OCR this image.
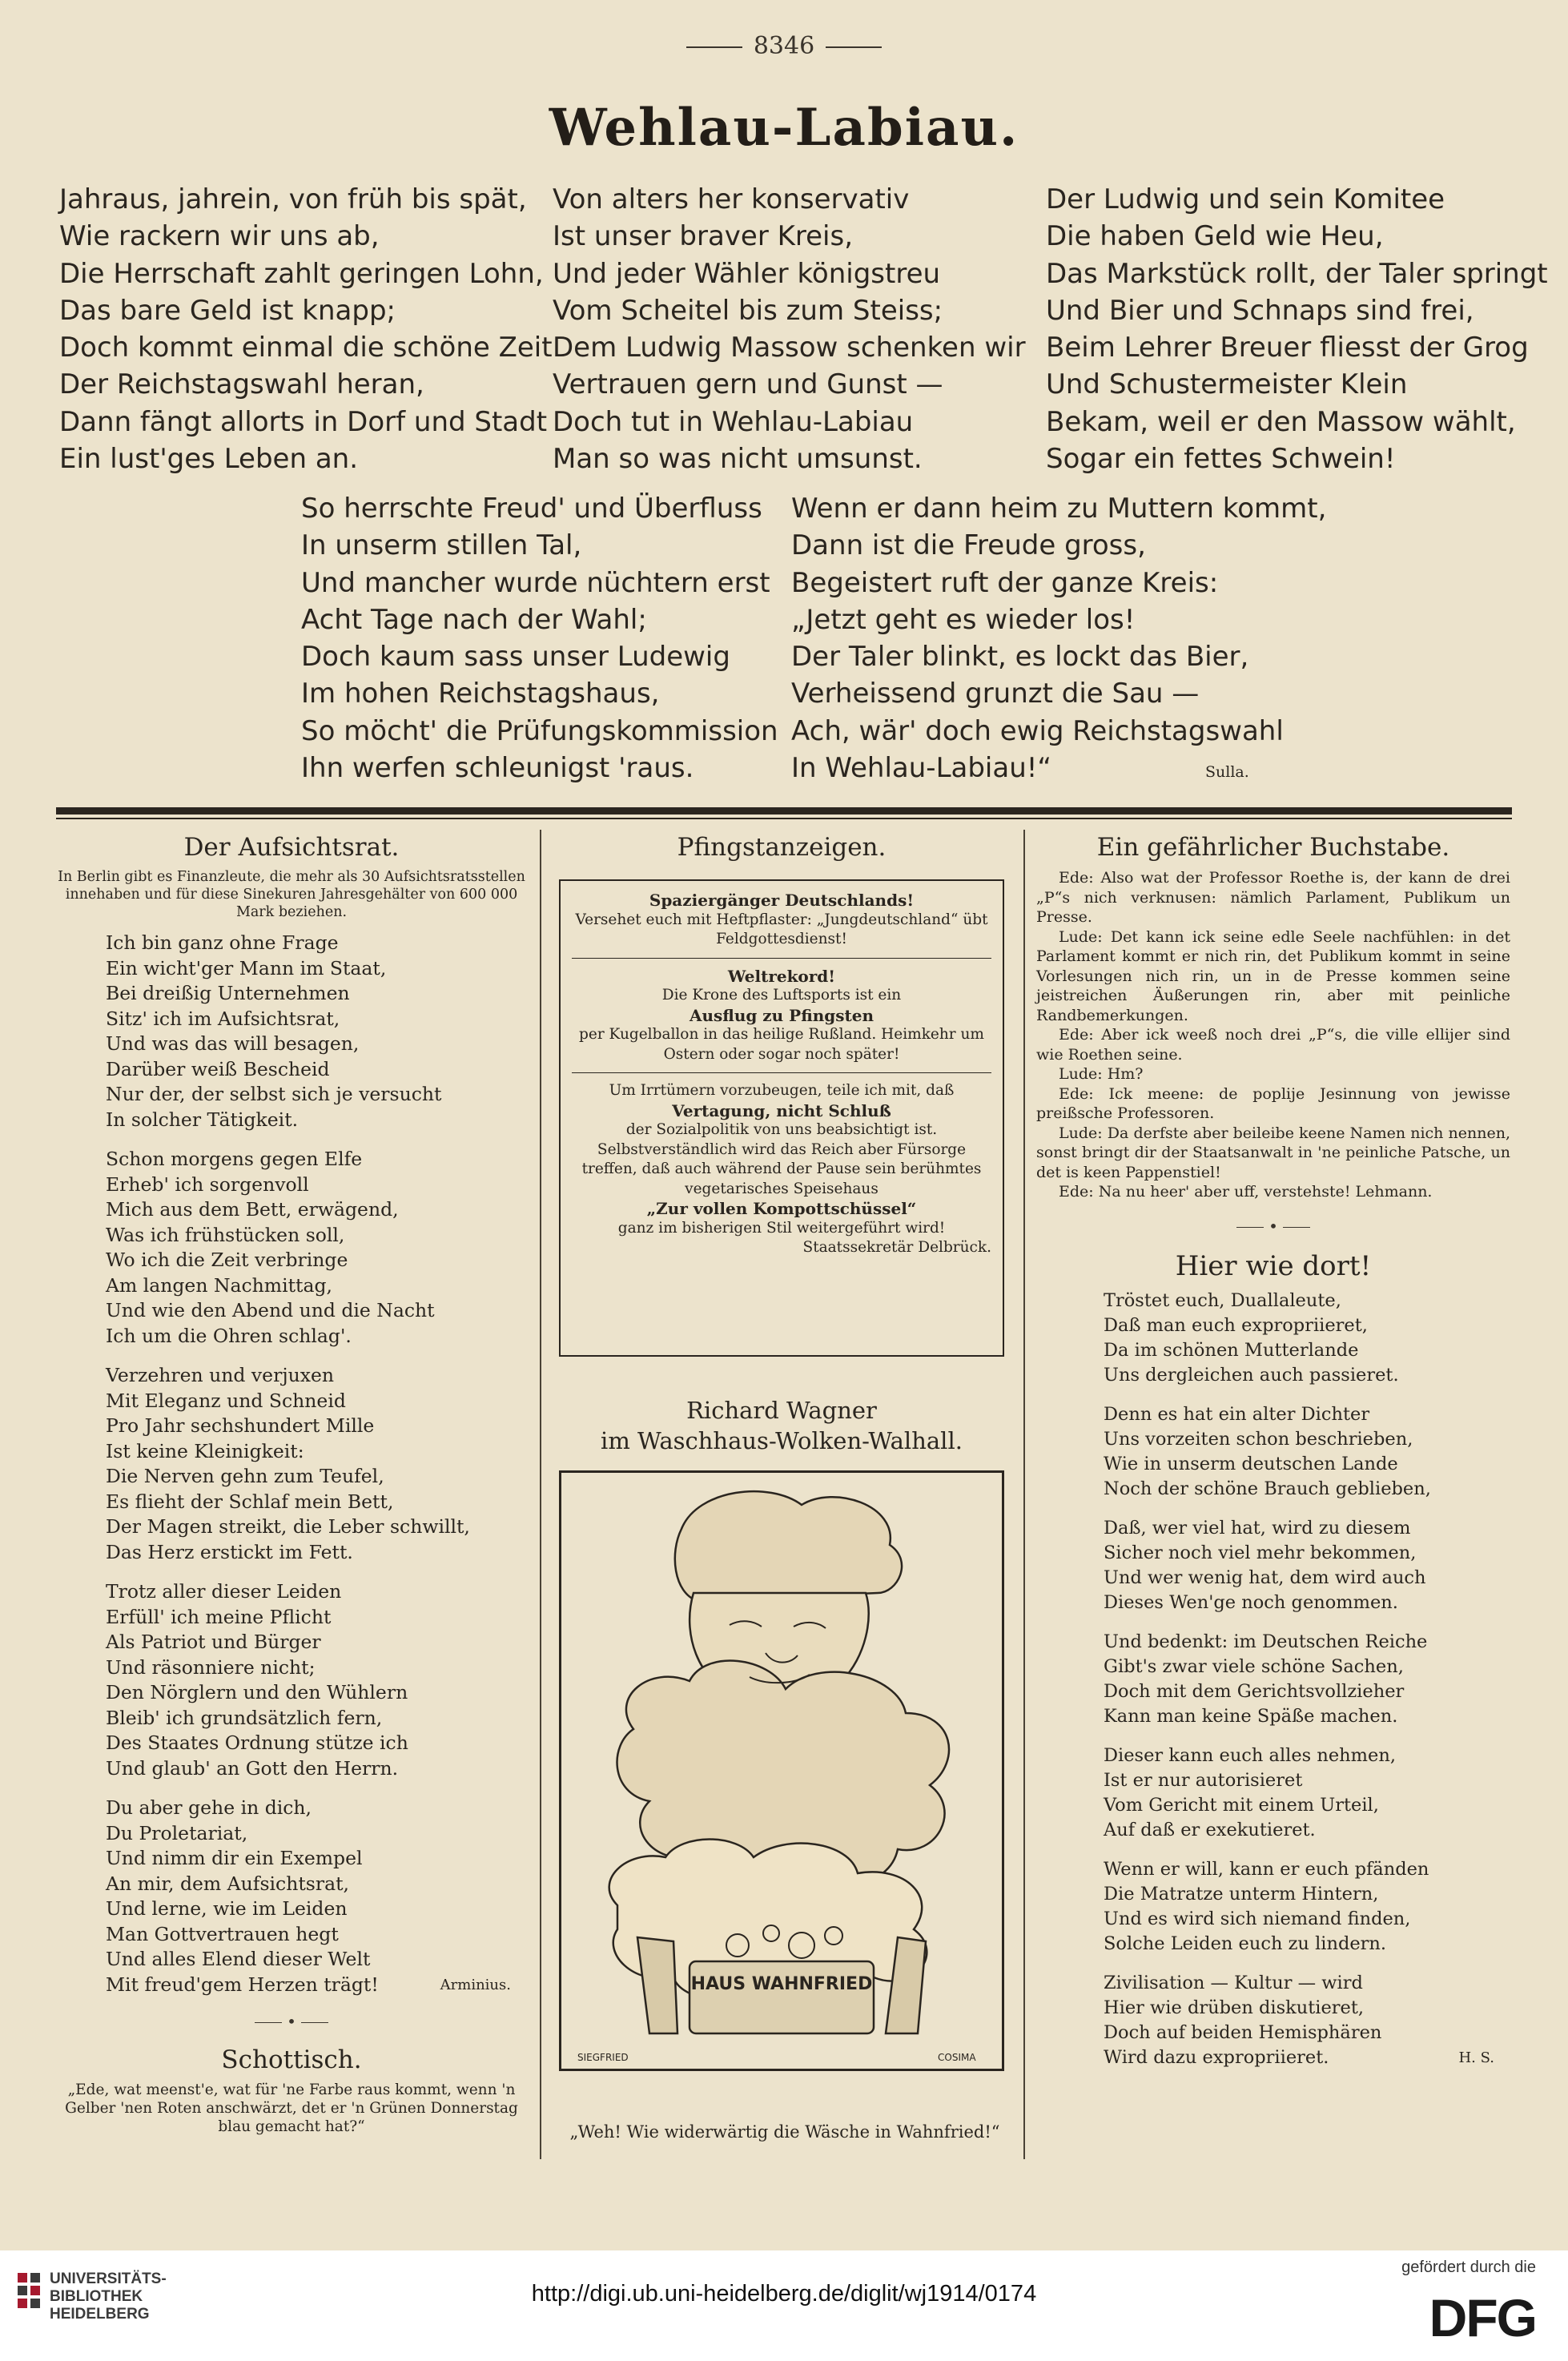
8346
Wehlau-Labiau.
Jahraus, jahrein, von früh bis spät,
Wie rackern wir uns ab,
Die Herrschaft zahlt geringen Lohn,
Das bare Geld ist knapp;
Doch kommt einmal die schöne Zeit
Der Reichstagswahl heran,
Dann fängt allorts in Dorf und Stadt
Ein lust'ges Leben an.
Von alters her konservativ
Ist unser braver Kreis,
Und jeder Wähler königstreu
Vom Scheitel bis zum Steiss;
Dem Ludwig Massow schenken wir
Vertrauen gern und Gunst —
Doch tut in Wehlau-Labiau
Man so was nicht umsunst.
Der Ludwig und sein Komitee
Die haben Geld wie Heu,
Das Markstück rollt, der Taler springt
Und Bier und Schnaps sind frei,
Beim Lehrer Breuer fliesst der Grog
Und Schustermeister Klein
Bekam, weil er den Massow wählt,
Sogar ein fettes Schwein!
So herrschte Freud' und Überfluss
In unserm stillen Tal,
Und mancher wurde nüchtern erst
Acht Tage nach der Wahl;
Doch kaum sass unser Ludewig
Im hohen Reichstagshaus,
So möcht' die Prüfungskommission
Ihn werfen schleunigst 'raus.
Wenn er dann heim zu Muttern kommt,
Dann ist die Freude gross,
Begeistert ruft der ganze Kreis:
„Jetzt geht es wieder los!
Der Taler blinkt, es lockt das Bier,
Verheissend grunzt die Sau —
Ach, wär' doch ewig Reichstagswahl
In Wehlau-Labiau!“	Sulla.
Der Aufsichtsrat.
In Berlin gibt es Finanzleute, die mehr als 30 Aufsichtsratsstellen innehaben und für diese Sinekuren Jahresgehälter von 600 000 Mark beziehen.
Ich bin ganz ohne Frage
Ein wicht'ger Mann im Staat,
Bei dreißig Unternehmen
Sitz' ich im Aufsichtsrat,
Und was das will besagen,
Darüber weiß Bescheid
Nur der, der selbst sich je versucht
In solcher Tätigkeit.
Schon morgens gegen Elfe
Erheb' ich sorgenvoll
Mich aus dem Bett, erwägend,
Was ich frühstücken soll,
Wo ich die Zeit verbringe
Am langen Nachmittag,
Und wie den Abend und die Nacht
Ich um die Ohren schlag'.
Verzehren und verjuxen
Mit Eleganz und Schneid
Pro Jahr sechshundert Mille
Ist keine Kleinigkeit:
Die Nerven gehn zum Teufel,
Es flieht der Schlaf mein Bett,
Der Magen streikt, die Leber schwillt,
Das Herz erstickt im Fett.
Trotz aller dieser Leiden
Erfüll' ich meine Pflicht
Als Patriot und Bürger
Und räsonniere nicht;
Den Nörglern und den Wühlern
Bleib' ich grundsätzlich fern,
Des Staates Ordnung stütze ich
Und glaub' an Gott den Herrn.
Du aber gehe in dich,
Du Proletariat,
Und nimm dir ein Exempel
An mir, dem Aufsichtsrat,
Und lerne, wie im Leiden
Man Gottvertrauen hegt
Und alles Elend dieser Welt
Mit freud'gem Herzen trägt!	Arminius.
•
Schottisch.
„Ede, wat meenst'e, wat für 'ne Farbe raus kommt, wenn 'n Gelber 'nen Roten anschwärzt, det er 'n Grünen Donnerstag blau gemacht hat?“
Pfingstanzeigen.
Spaziergänger Deutschlands!
Versehet euch mit Heftpflaster: „Jungdeutschland“ übt Feldgottesdienst!
Weltrekord!
Die Krone des Luftsports ist ein
Ausflug zu Pfingsten
per Kugelballon in das heilige Rußland. Heimkehr um Ostern oder sogar noch später!
Um Irrtümern vorzubeugen, teile ich mit, daß
Vertagung, nicht Schluß
der Sozialpolitik von uns beabsichtigt ist. Selbstverständlich wird das Reich aber Fürsorge treffen, daß auch während der Pause sein berühmtes vegetarisches Speisehaus
„Zur vollen Kompottschüssel“
ganz im bisherigen Stil weitergeführt wird!
Staatssekretär Delbrück.
Richard Wagner
im Waschhaus-Wolken-Walhall.
HAUS WAHNFRIED
SIEGFRIED	COSIMA
„Weh! Wie widerwärtig die Wäsche in Wahnfried!“
Ein gefährlicher Buchstabe.

Ede: Also wat der Professor Roethe is, der kann de drei „P“s nich verknusen: nämlich Parlament, Publikum un Presse.

Lude: Det kann ick seine edle Seele nachfühlen: in det Parlament kommt er nich rin, det Publikum kommt in seine Vorlesungen nich rin, un in de Presse kommen seine jeistreichen Äußerungen rin, aber mit peinliche Randbemerkungen.

Ede: Aber ick weeß noch drei „P“s, die ville ellijer sind wie Roethen seine.

Lude: Hm?

Ede: Ick meene: de poplije Jesinnung von jewisse preißsche Professoren.

Lude: Da derfste aber beileibe keene Namen nich nennen, sonst bringt dir der Staatsanwalt in 'ne peinliche Patsche, un det is keen Pappenstiel!

Ede: Na nu heer' aber uff, verstehste! Lehmann.

•
Hier wie dort!
Tröstet euch, Duallaleute,
Daß man euch expropriieret,
Da im schönen Mutterlande
Uns dergleichen auch passieret.
Denn es hat ein alter Dichter
Uns vorzeiten schon beschrieben,
Wie in unserm deutschen Lande
Noch der schöne Brauch geblieben,
Daß, wer viel hat, wird zu diesem
Sicher noch viel mehr bekommen,
Und wer wenig hat, dem wird auch
Dieses Wen'ge noch genommen.
Und bedenkt: im Deutschen Reiche
Gibt's zwar viele schöne Sachen,
Doch mit dem Gerichtsvollzieher
Kann man keine Späße machen.
Dieser kann euch alles nehmen,
Ist er nur autorisieret
Vom Gericht mit einem Urteil,
Auf daß er exekutieret.
Wenn er will, kann er euch pfänden
Die Matratze unterm Hintern,
Und es wird sich niemand finden,
Solche Leiden euch zu lindern.
Zivilisation — Kultur — wird
Hier wie drüben diskutieret,
Doch auf beiden Hemisphären
Wird dazu expropriieret.	H. S.
UNIVERSITÄTS-
BIBLIOTHEK
HEIDELBERG
http://digi.ub.uni-heidelberg.de/diglit/wj1914/0174
gefördert durch die
DFG
